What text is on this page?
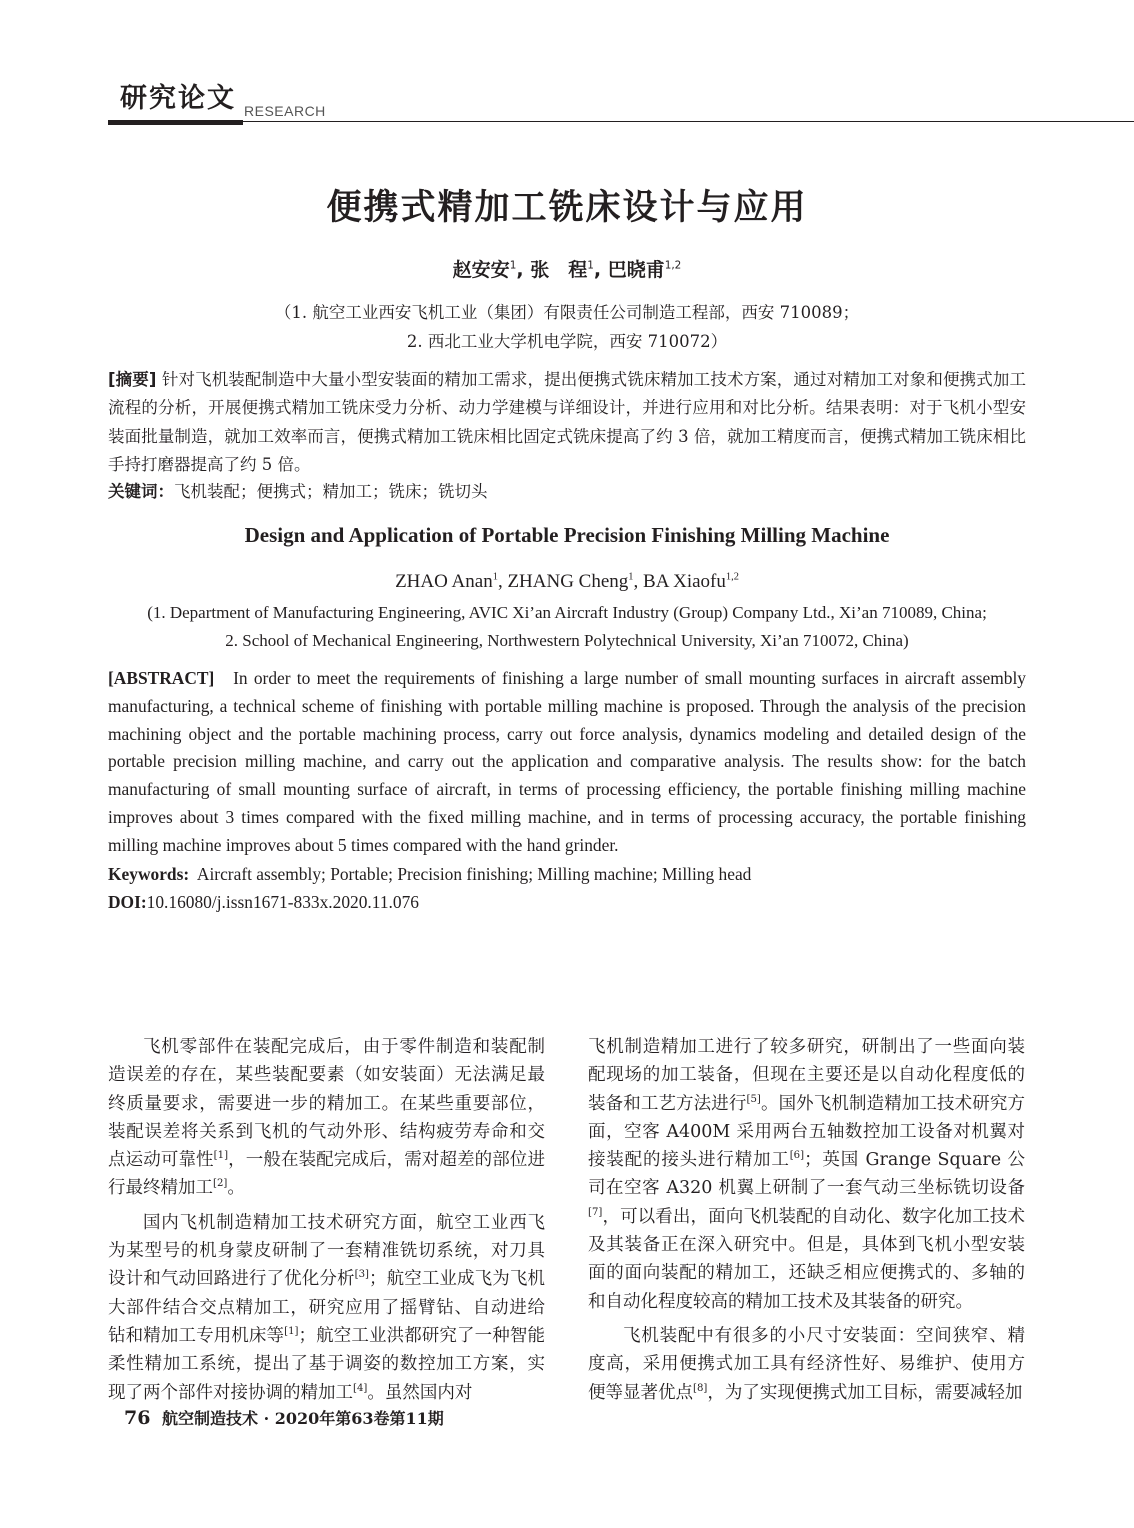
研究论文 RESEARCH
便携式精加工铣床设计与应用
赵安安$^1$, 张　程$^1$, 巴晓甫$^{1,2}$
（1. 航空工业西安飞机工业（集团）有限责任公司制造工程部，西安 710089；
2. 西北工业大学机电学院，西安 710072）
[摘要] 针对飞机装配制造中大量小型安装面的精加工需求，提出便携式铣床精加工技术方案，通过对精加工对象和便携式加工流程的分析，开展便携式精加工铣床受力分析、动力学建模与详细设计，并进行应用和对比分析。结果表明：对于飞机小型安装面批量制造，就加工效率而言，便携式精加工铣床相比固定式铣床提高了约 3 倍，就加工精度而言，便携式精加工铣床相比手持打磨器提高了约 5 倍。
关键词：飞机装配；便携式；精加工；铣床；铣切头
Design and Application of Portable Precision Finishing Milling Machine
ZHAO Anan$^1$, ZHANG Cheng$^1$, BA Xiaofu$^{1,2}$
(1. Department of Manufacturing Engineering, AVIC Xi’an Aircraft Industry (Group) Company Ltd., Xi’an 710089, China;
2. School of Mechanical Engineering, Northwestern Polytechnical University, Xi’an 710072, China)
[ABSTRACT] In order to meet the requirements of finishing a large number of small mounting surfaces in aircraft assembly manufacturing, a technical scheme of finishing with portable milling machine is proposed. Through the analysis of the precision machining object and the portable machining process, carry out force analysis, dynamics modeling and detailed design of the portable precision milling machine, and carry out the application and comparative analysis. The results show: for the batch manufacturing of small mounting surface of aircraft, in terms of processing efficiency, the portable finishing milling machine improves about 3 times compared with the fixed milling machine, and in terms of processing accuracy, the portable finishing milling machine improves about 5 times compared with the hand grinder.
Keywords: Aircraft assembly; Portable; Precision finishing; Milling machine; Milling head
DOI:10.16080/j.issn1671-833x.2020.11.076

飞机零部件在装配完成后，由于零件制造和装配制造误差的存在，某些装配要素（如安装面）无法满足最终质量要求，需要进一步的精加工。在某些重要部位，装配误差将关系到飞机的气动外形、结构疲劳寿命和交点运动可靠性[1]，一般在装配完成后，需对超差的部位进行最终精加工[2]。

国内飞机制造精加工技术研究方面，航空工业西飞为某型号的机身蒙皮研制了一套精准铣切系统，对刀具设计和气动回路进行了优化分析[3]；航空工业成飞为飞机大部件结合交点精加工，研究应用了摇臂钻、自动进给钻和精加工专用机床等[1]；航空工业洪都研究了一种智能柔性精加工系统，提出了基于调姿的数控加工方案，实现了两个部件对接协调的精加工[4]。虽然国内对

飞机制造精加工进行了较多研究，研制出了一些面向装配现场的加工装备，但现在主要还是以自动化程度低的装备和工艺方法进行[5]。国外飞机制造精加工技术研究方面，空客 A400M 采用两台五轴数控加工设备对机翼对接装配的接头进行精加工[6]；英国 Grange Square 公司在空客 A320 机翼上研制了一套气动三坐标铣切设备[7]，可以看出，面向飞机装配的自动化、数字化加工技术及其装备正在深入研究中。但是，具体到飞机小型安装面的面向装配的精加工，还缺乏相应便携式的、多轴的和自动化程度较高的精加工技术及其装备的研究。

飞机装配中有很多的小尺寸安装面：空间狭窄、精度高，采用便携式加工具有经济性好、易维护、使用方便等显著优点[8]，为了实现便携式加工目标，需要减轻加

76 航空制造技术 · 2020年第63卷第11期
